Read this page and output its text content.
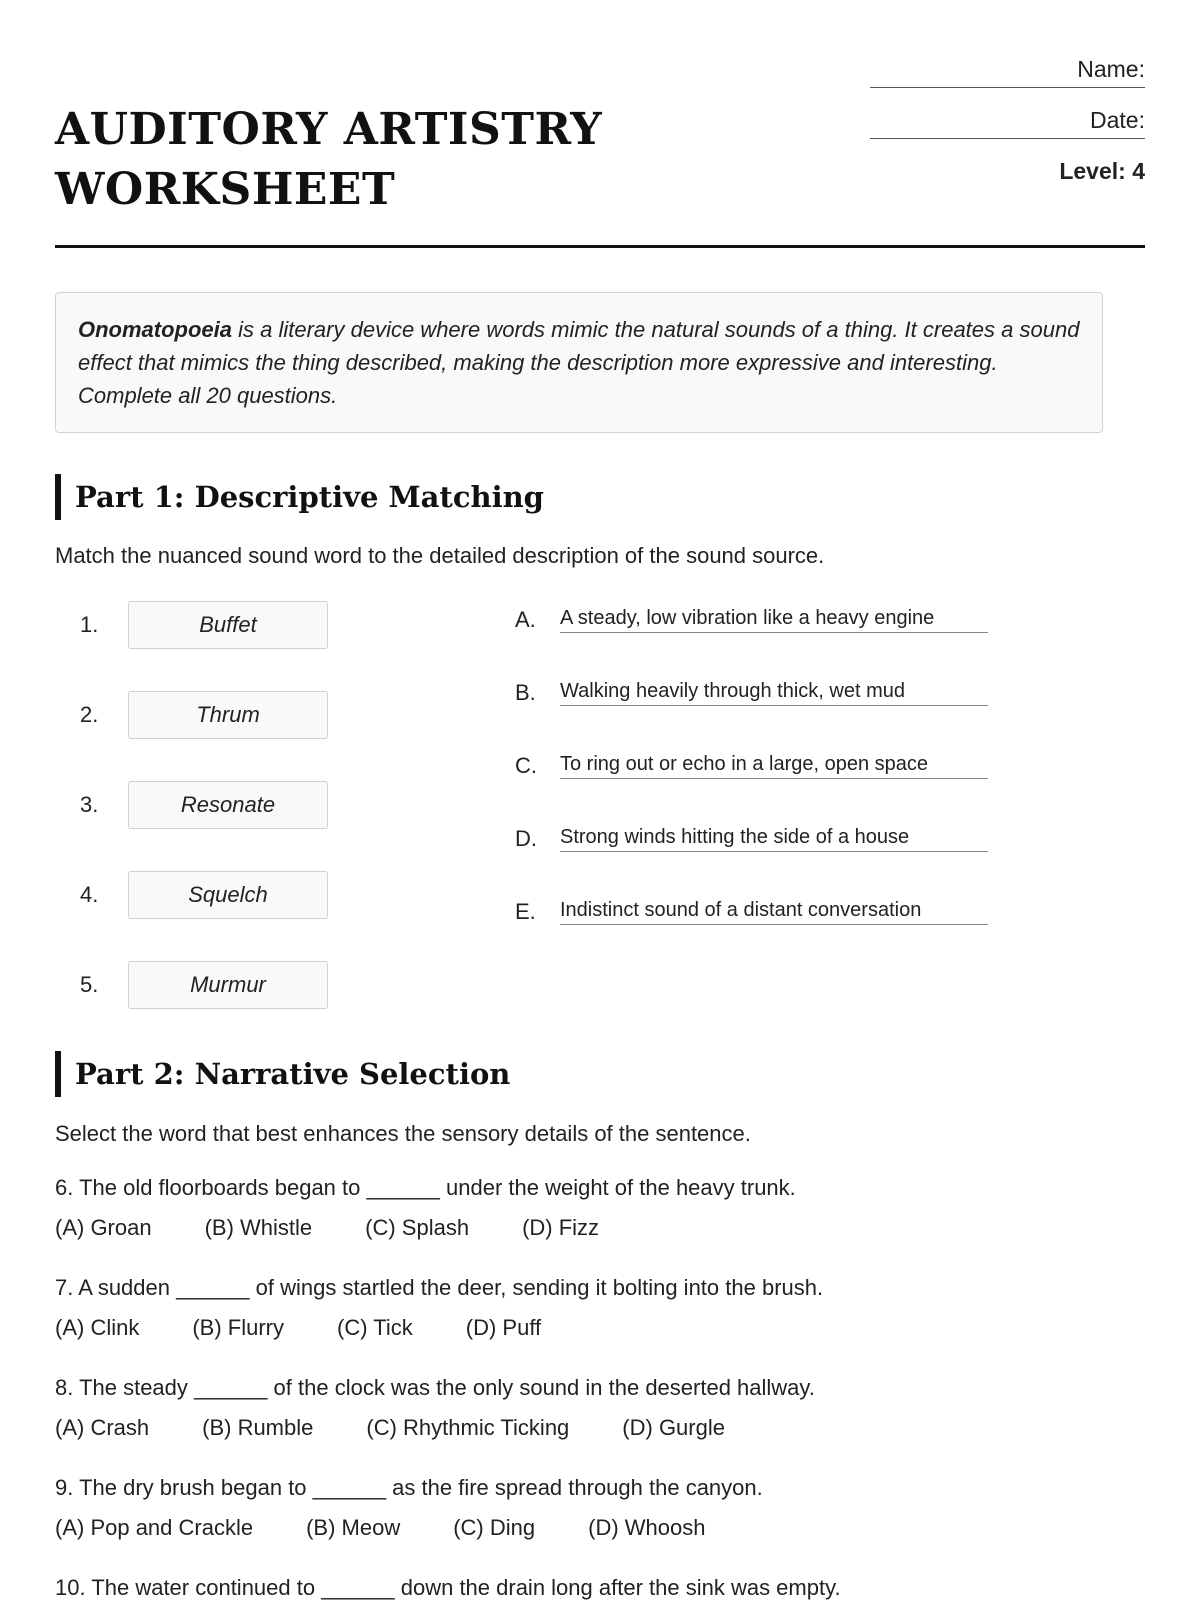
AUDITORY ARTISTRY
WORKSHEET
Name:
Date:
Level: 4
Onomatopoeia is a literary device where words mimic the natural sounds of a thing. It creates a sound effect that mimics the thing described, making the description more expressive and interesting. Complete all 20 questions.
Part 1: Descriptive Matching

Match the nuanced sound word to the detailed description of the sound source.

1.	Buffet
2.	Thrum
3.	Resonate
4.	Squelch
5.	Murmur
A.	A steady, low vibration like a heavy engine
B.	Walking heavily through thick, wet mud
C.	To ring out or echo in a large, open space
D.	Strong winds hitting the side of a house
E.	Indistinct sound of a distant conversation
Part 2: Narrative Selection

Select the word that best enhances the sensory details of the sentence.

6. The old floorboards began to ______ under the weight of the heavy trunk.
(A) Groan (B) Whistle (C) Splash (D) Fizz
7. A sudden ______ of wings startled the deer, sending it bolting into the brush.
(A) Clink (B) Flurry (C) Tick (D) Puff
8. The steady ______ of the clock was the only sound in the deserted hallway.
(A) Crash (B) Rumble (C) Rhythmic Ticking (D) Gurgle
9. The dry brush began to ______ as the fire spread through the canyon.
(A) Pop and Crackle (B) Meow (C) Ding (D) Whoosh
10. The water continued to ______ down the drain long after the sink was empty.
